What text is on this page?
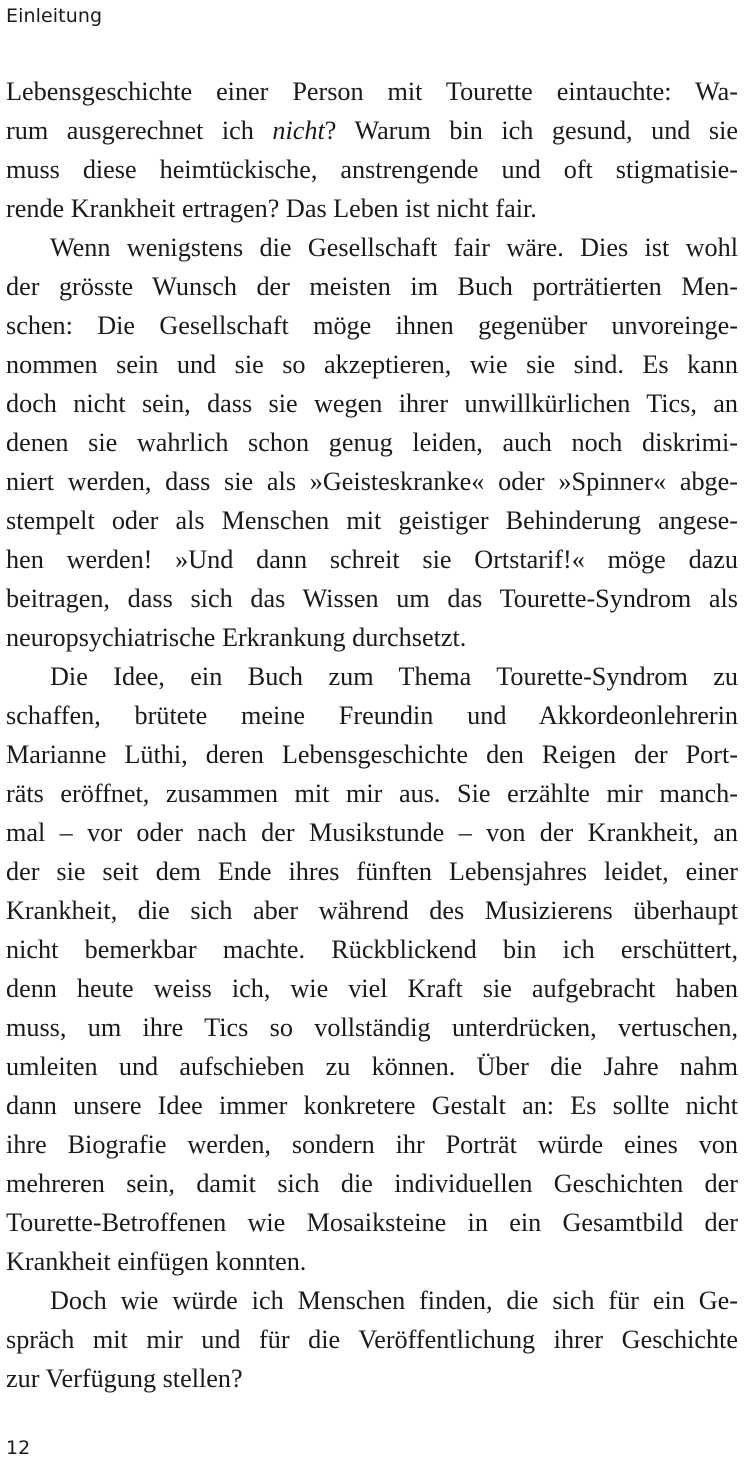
Einleitung

Lebensgeschichte einer Person mit Tourette eintauchte: Wa-
rum ausgerechnet ich nicht? Warum bin ich gesund, und sie
muss diese heimtückische, anstrengende und oft stigmatisie-
rende Krankheit ertragen? Das Leben ist nicht fair.

Wenn wenigstens die Gesellschaft fair wäre. Dies ist wohl
der grösste Wunsch der meisten im Buch porträtierten Men-
schen: Die Gesellschaft möge ihnen gegenüber unvoreinge-
nommen sein und sie so akzeptieren, wie sie sind. Es kann
doch nicht sein, dass sie wegen ihrer unwillkürlichen Tics, an
denen sie wahrlich schon genug leiden, auch noch diskrimi-
niert werden, dass sie als »Geisteskranke« oder »Spinner« abge-
stempelt oder als Menschen mit geistiger Behinderung angese-
hen werden! »Und dann schreit sie Ortstarif!« möge dazu
beitragen, dass sich das Wissen um das Tourette-Syndrom als
neuropsychiatrische Erkrankung durchsetzt.

Die Idee, ein Buch zum Thema Tourette-Syndrom zu
schaffen, brütete meine Freundin und Akkordeonlehrerin
Marianne Lüthi, deren Lebensgeschichte den Reigen der Port-
räts eröffnet, zusammen mit mir aus. Sie erzählte mir manch-
mal – vor oder nach der Musikstunde – von der Krankheit, an
der sie seit dem Ende ihres fünften Lebensjahres leidet, einer
Krankheit, die sich aber während des Musizierens überhaupt
nicht bemerkbar machte. Rückblickend bin ich erschüttert,
denn heute weiss ich, wie viel Kraft sie aufgebracht haben
muss, um ihre Tics so vollständig unterdrücken, vertuschen,
umleiten und aufschieben zu können. Über die Jahre nahm
dann unsere Idee immer konkretere Gestalt an: Es sollte nicht
ihre Biografie werden, sondern ihr Porträt würde eines von
mehreren sein, damit sich die individuellen Geschichten der
Tourette-Betroffenen wie Mosaiksteine in ein Gesamtbild der
Krankheit einfügen konnten.

Doch wie würde ich Menschen finden, die sich für ein Ge-
spräch mit mir und für die Veröffentlichung ihrer Geschichte
zur Verfügung stellen?

12
